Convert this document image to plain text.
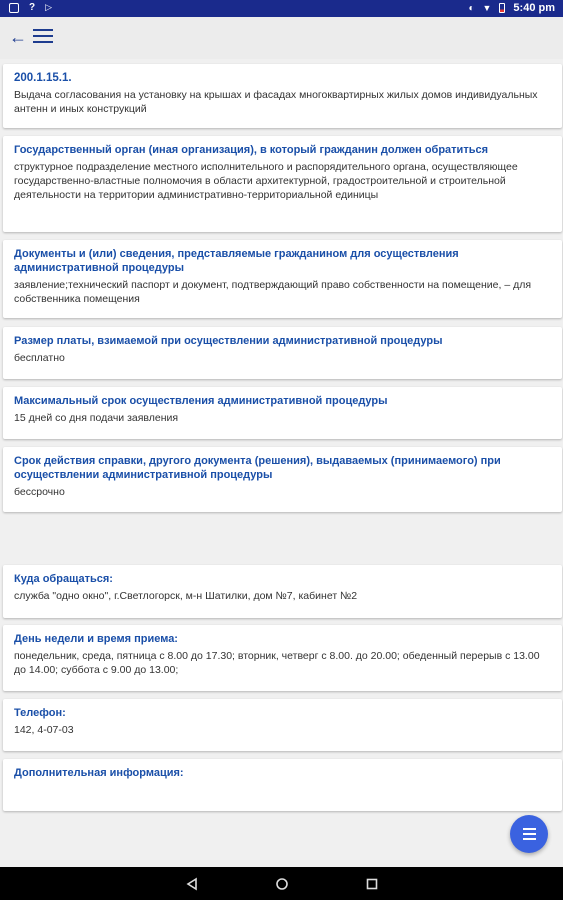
? ▷	◐ ▼ 5:40 pm
←
200.1.15.1.
Выдача согласования на установку на крышах и фасадах многоквартирных жилых домов индивидуальных антенн и иных конструкций
Государственный орган (иная организация), в который гражданин должен обратиться
структурное подразделение местного исполнительного и распорядительного органа, осуществляющее государственно-властные полномочия в области архитектурной, градостроительной и строительной деятельности на территории административно-территориальной единицы
Документы и (или) сведения, представляемые гражданином для осуществления административной процедуры
заявление;технический паспорт и документ, подтверждающий право собственности на помещение, – для собственника помещения
Размер платы, взимаемой при осуществлении административной процедуры
бесплатно
Максимальный срок осуществления административной процедуры
15 дней со дня подачи заявления
Срок действия справки, другого документа (решения), выдаваемых (принимаемого) при осуществлении административной процедуры
бессрочно
Куда обращаться:
служба "одно окно", г.Светлогорск, м-н Шатилки, дом №7, кабинет №2
День недели и время приема:
понедельник, среда, пятница с 8.00 до 17.30; вторник, четверг с 8.00. до 20.00; обеденный перерыв с 13.00 до 14.00; суббота с 9.00 до 13.00;
Телефон:
142, 4-07-03
Дополнительная информация:
